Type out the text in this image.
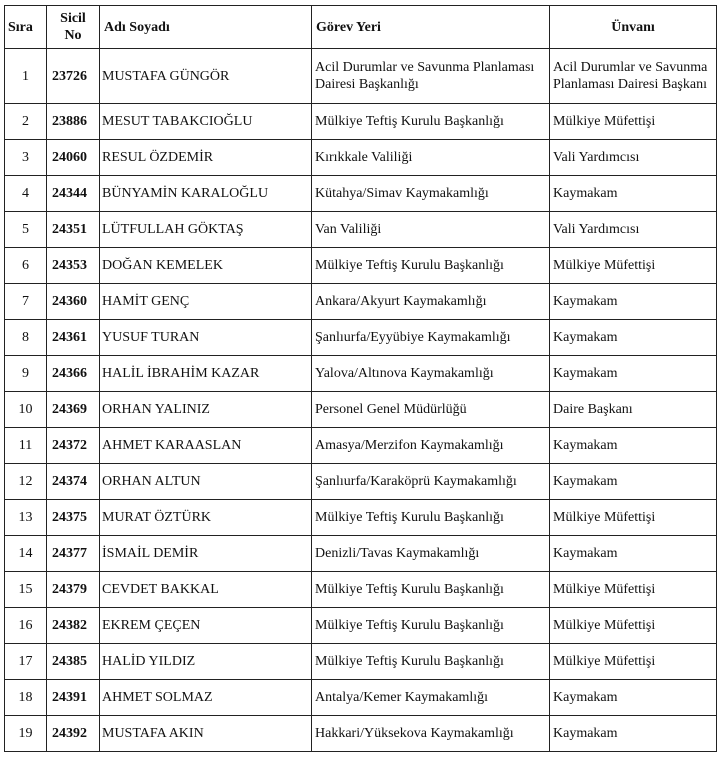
Sıra	Sicil No	Adı Soyadı	Görev Yeri	Ünvanı
1	23726	MUSTAFA GÜNGÖR	Acil Durumlar ve Savunma Planlaması Dairesi Başkanlığı	Acil Durumlar ve Savunma Planlaması Dairesi Başkanı
2	23886	MESUT TABAKCIOĞLU	Mülkiye Teftiş Kurulu Başkanlığı	Mülkiye Müfettişi
3	24060	RESUL ÖZDEMİR	Kırıkkale Valiliği	Vali Yardımcısı
4	24344	BÜNYAMİN KARALOĞLU	Kütahya/Simav Kaymakamlığı	Kaymakam
5	24351	LÜTFULLAH GÖKTAŞ	Van Valiliği	Vali Yardımcısı
6	24353	DOĞAN KEMELEK	Mülkiye Teftiş Kurulu Başkanlığı	Mülkiye Müfettişi
7	24360	HAMİT GENÇ	Ankara/Akyurt Kaymakamlığı	Kaymakam
8	24361	YUSUF TURAN	Şanlıurfa/Eyyübiye Kaymakamlığı	Kaymakam
9	24366	HALİL İBRAHİM KAZAR	Yalova/Altınova Kaymakamlığı	Kaymakam
10	24369	ORHAN YALINIZ	Personel Genel Müdürlüğü	Daire Başkanı
11	24372	AHMET KARAASLAN	Amasya/Merzifon Kaymakamlığı	Kaymakam
12	24374	ORHAN ALTUN	Şanlıurfa/Karaköprü Kaymakamlığı	Kaymakam
13	24375	MURAT ÖZTÜRK	Mülkiye Teftiş Kurulu Başkanlığı	Mülkiye Müfettişi
14	24377	İSMAİL DEMİR	Denizli/Tavas Kaymakamlığı	Kaymakam
15	24379	CEVDET BAKKAL	Mülkiye Teftiş Kurulu Başkanlığı	Mülkiye Müfettişi
16	24382	EKREM ÇEÇEN	Mülkiye Teftiş Kurulu Başkanlığı	Mülkiye Müfettişi
17	24385	HALİD YILDIZ	Mülkiye Teftiş Kurulu Başkanlığı	Mülkiye Müfettişi
18	24391	AHMET SOLMAZ	Antalya/Kemer Kaymakamlığı	Kaymakam
19	24392	MUSTAFA AKIN	Hakkari/Yüksekova Kaymakamlığı	Kaymakam
